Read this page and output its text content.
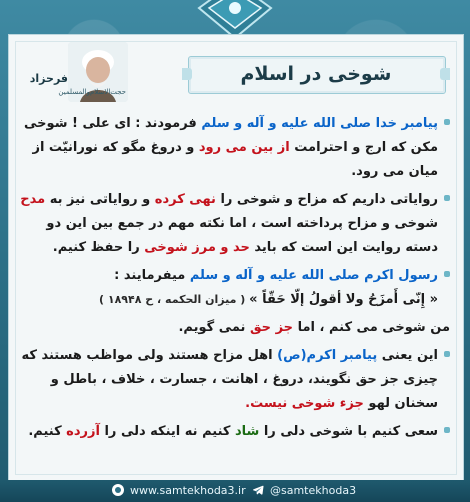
فرحزاد
حجت‌الاسلام‌والمسلمین
شوخی در اسلام

پیامبر خدا صلی الله علیه و آله و سلم فرمودند : ای علی ! شوخی مکن که ارج و احترامت از بین می رود و دروغ مگو که نورانیّت از میان می رود.

روایاتی داریم که مزاح و شوخی را نهی کرده و روایاتی نیز به مدح شوخی و مزاح پرداخته است ، اما نکته مهم در جمع بین این دو دسته روایت این است که باید حد و مرز شوخی را حفظ کنیم.

رسول اکرم صلی الله علیه و آله و سلم میفرمایند :
« إِنّی أَمزَحُ ولا أقولُ إلّا حَقّاً » ( میزان الحکمه ، ح ۱۸۹۴۸ )

من شوخی می کنم ، اما جز حق نمی گویم.

این یعنی پیامبر اکرم(ص) اهل مزاح هستند ولی مواظب هستند که چیزی جز حق نگویند، دروغ ، اهانت ، جسارت ، خلاف ، باطل و سخنان لهو جزء شوخی نیست.

سعی کنیم با شوخی دلی را شاد کنیم نه اینکه دلی را آزرده کنیم.

www.samtekhoda3.ir	@samtekhoda3
